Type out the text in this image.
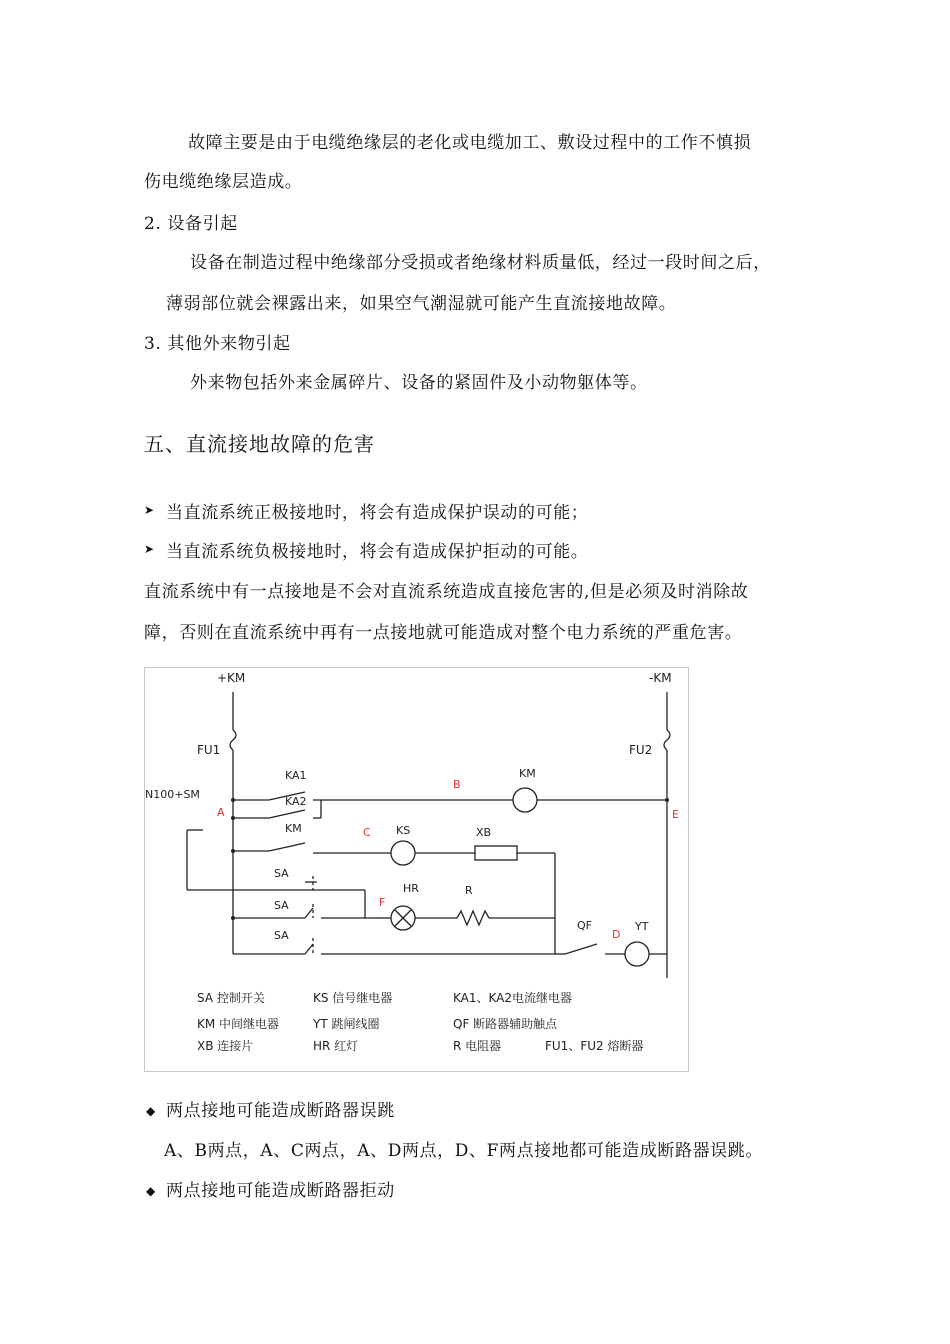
故障主要是由于电缆绝缘层的老化或电缆加工、敷设过程中的工作不慎损
伤电缆绝缘层造成。
2. 设备引起
设备在制造过程中绝缘部分受损或者绝缘材料质量低，经过一段时间之后，
薄弱部位就会裸露出来，如果空气潮湿就可能产生直流接地故障。
3. 其他外来物引起
外来物包括外来金属碎片、设备的紧固件及小动物躯体等。
五、直流接地故障的危害
➤ 当直流系统正极接地时，将会有造成保护误动的可能；
➤ 当直流系统负极接地时，将会有造成保护拒动的可能。
直流系统中有一点接地是不会对直流系统造成直接危害的,但是必须及时消除故
障，否则在直流系统中再有一点接地就可能造成对整个电力系统的严重危害。
+KM	-KM
FU1	FU2
N100+SM
KA1
KA2
KM
KM
KS	XB
SA
HR	R
SA
SA
QF	YT
A
B
C
D
E
F
SA 控制开关	KS 信号继电器	KA1、KA2电流继电器
KM 中间继电器	YT 跳闸线圈	QF 断路器辅助触点
XB 连接片	HR 红灯	R 电阻器	FU1、FU2 熔断器
◆ 两点接地可能造成断路器误跳
A、B两点，A、C两点，A、D两点，D、F两点接地都可能造成断路器误跳。
◆ 两点接地可能造成断路器拒动
